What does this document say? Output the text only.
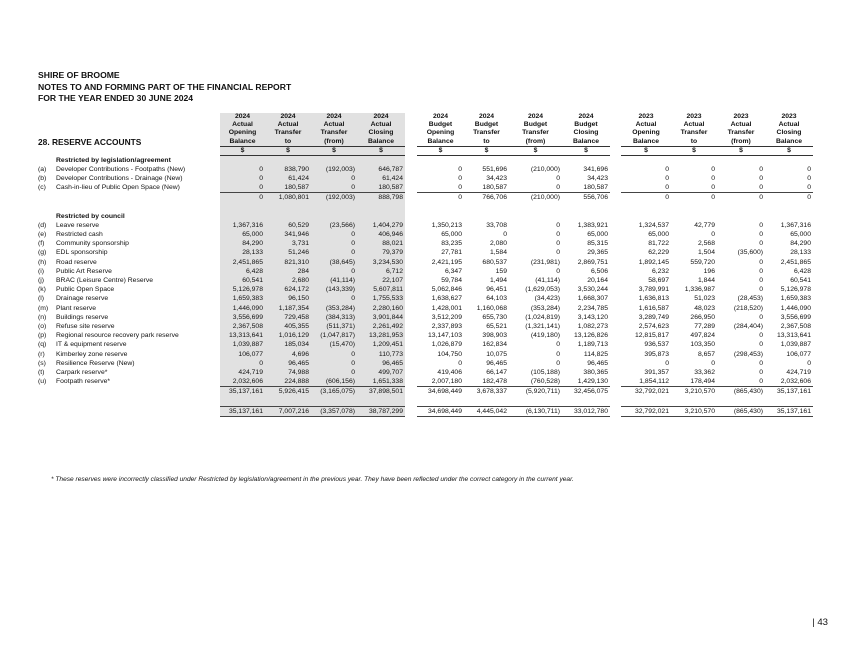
SHIRE OF BROOME
NOTES TO AND FORMING PART OF THE FINANCIAL REPORT
FOR THE YEAR ENDED 30 JUNE 2024
		2024	2024	2024	2024		2024	2024	2024	2024		2023	2023	2023	2023
		Actual	Actual	Actual	Actual		Budget	Budget	Budget	Budget		Actual	Actual	Actual	Actual
		Opening	Transfer	Transfer	Closing		Opening	Transfer	Transfer	Closing		Opening	Transfer	Transfer	Closing
28. RESERVE ACCOUNTS		Balance	to	(from)	Balance		Balance	to	(from)	Balance		Balance	to	(from)	Balance
		$	$	$	$		$	$	$	$		$	$	$	$
	Restricted by legislation/agreement														
(a)	Developer Contributions - Footpaths (New)	0	838,790	(192,003)	646,787		0	551,696	(210,000)	341,696		0	0	0	0
(b)	Developer Contributions - Drainage (New)	0	61,424	0	61,424		0	34,423	0	34,423		0	0	0	0
(c)	Cash-in-lieu of Public Open Space (New)	0	180,587	0	180,587		0	180,587	0	180,587		0	0	0	0
		0	1,080,801	(192,003)	888,798		0	766,706	(210,000)	556,706		0	0	0	0

	Restricted by council														
(d)	Leave reserve	1,367,316	60,529	(23,566)	1,404,279		1,350,213	33,708	0	1,383,921		1,324,537	42,779	0	1,367,316
(e)	Restricted cash	65,000	341,946	0	406,946		65,000	0	0	65,000		65,000	0	0	65,000
(f)	Community sponsorship	84,290	3,731	0	88,021		83,235	2,080	0	85,315		81,722	2,568	0	84,290
(g)	EDL sponsorship	28,133	51,246	0	79,379		27,781	1,584	0	29,365		62,229	1,504	(35,600)	28,133
(h)	Road reserve	2,451,865	821,310	(38,645)	3,234,530		2,421,195	680,537	(231,981)	2,869,751		1,892,145	559,720	0	2,451,865
(i)	Public Art Reserve	6,428	284	0	6,712		6,347	159	0	6,506		6,232	196	0	6,428
(j)	BRAC (Leisure Centre) Reserve	60,541	2,680	(41,114)	22,107		59,784	1,494	(41,114)	20,164		58,697	1,844	0	60,541
(k)	Public Open Space	5,126,978	624,172	(143,339)	5,607,811		5,062,846	96,451	(1,629,053)	3,530,244		3,789,991	1,336,987	0	5,126,978
(l)	Drainage reserve	1,659,383	96,150	0	1,755,533		1,638,627	64,103	(34,423)	1,668,307		1,636,813	51,023	(28,453)	1,659,383
(m)	Plant reserve	1,446,090	1,187,354	(353,284)	2,280,160		1,428,001	1,160,068	(353,284)	2,234,785		1,616,587	48,023	(218,520)	1,446,090
(n)	Buildings reserve	3,556,699	729,458	(384,313)	3,901,844		3,512,209	655,730	(1,024,819)	3,143,120		3,289,749	266,950	0	3,556,699
(o)	Refuse site reserve	2,367,508	405,355	(511,371)	2,261,492		2,337,893	65,521	(1,321,141)	1,082,273		2,574,623	77,289	(284,404)	2,367,508
(p)	Regional resource recovery park reserve	13,313,641	1,016,129	(1,047,817)	13,281,953		13,147,103	398,903	(419,180)	13,126,826		12,815,817	497,824	0	13,313,641
(q)	IT & equipment reserve	1,039,887	185,034	(15,470)	1,209,451		1,026,879	162,834	0	1,189,713		936,537	103,350	0	1,039,887
(r)	Kimberley zone reserve	106,077	4,696	0	110,773		104,750	10,075	0	114,825		395,873	8,657	(298,453)	106,077
(s)	Resilience Reserve (New)	0	96,465	0	96,465		0	96,465	0	96,465		0	0	0	0
(t)	Carpark reserve*	424,719	74,988	0	499,707		419,406	66,147	(105,188)	380,365		391,357	33,362	0	424,719
(u)	Footpath reserve*	2,032,606	224,888	(606,156)	1,651,338		2,007,180	182,478	(760,528)	1,429,130		1,854,112	178,494	0	2,032,606
		35,137,161	5,926,415	(3,165,075)	37,898,501		34,698,449	3,678,337	(5,920,711)	32,456,075		32,792,021	3,210,570	(865,430)	35,137,161

		35,137,161	7,007,216	(3,357,078)	38,787,299		34,698,449	4,445,042	(6,130,711)	33,012,780		32,792,021	3,210,570	(865,430)	35,137,161
* These reserves were incorrectly classified under Restricted by legislation/agreement in the previous year. They have been reflected under the correct category in the current year.
| 43
